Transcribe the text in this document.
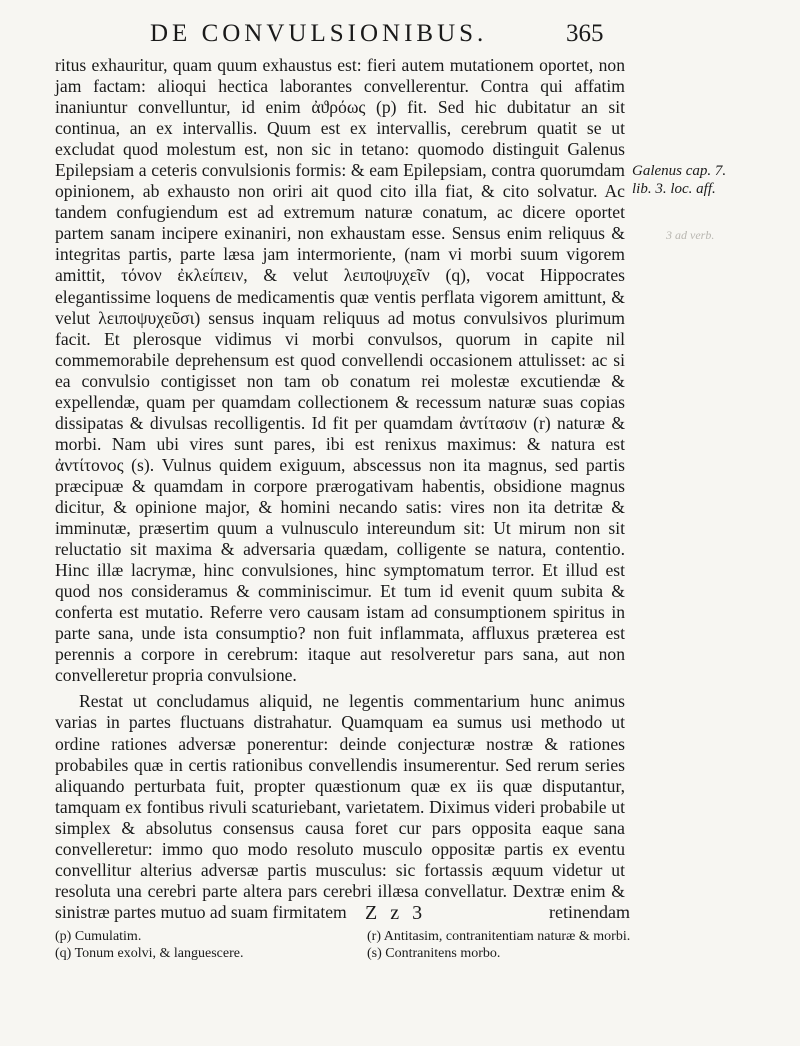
DE CONVULSIONIBUS.	365

ritus exhauritur, quam quum exhaustus est: fieri autem mutationem oportet, non jam factam: alioqui hectica laborantes convellerentur. Contra qui affatim inaniuntur convelluntur, id enim ἀϑρόως (p) fit. Sed hic dubitatur an sit continua, an ex intervallis. Quum est ex intervallis, cerebrum quatit se ut excludat quod molestum est, non sic in tetano: quomodo distinguit Galenus Epilepsiam a ceteris convulsionis formis: & eam Epilepsiam, contra quorumdam opinionem, ab exhausto non oriri ait quod cito illa fiat, & cito solvatur. Ac tandem confugiendum est ad extremum naturæ conatum, ac dicere oportet partem sanam incipere exinaniri, non exhaustam esse. Sensus enim reliquus & integritas partis, parte læsa jam intermoriente, (nam vi morbi suum vigorem amittit, τόνον ἐκλείπειν, & velut λειποψυχεῖν (q), vocat Hippocrates elegantissime loquens de medicamentis quæ ventis perflata vigorem amittunt, & velut λειποψυχεῦσι) sensus inquam reliquus ad motus convulsivos plurimum facit. Et plerosque vidimus vi morbi convulsos, quorum in capite nil commemorabile deprehensum est quod convellendi occasionem attulisset: ac si ea convulsio contigisset non tam ob conatum rei molestæ excutiendæ & expellendæ, quam per quamdam collectionem & recessum naturæ suas copias dissipatas & divulsas recolligentis. Id fit per quamdam ἀντίτασιν (r) naturæ & morbi. Nam ubi vires sunt pares, ibi est renixus maximus: & natura est ἀντίτονος (s). Vulnus quidem exiguum, abscessus non ita magnus, sed partis præcipuæ & quamdam in corpore prærogativam habentis, obsidione magnus dicitur, & opinione major, & homini necando satis: vires non ita detritæ & imminutæ, præsertim quum a vulnusculo intereundum sit: Ut mirum non sit reluctatio sit maxima & adversaria quædam, colligente se natura, contentio. Hinc illæ lacrymæ, hinc convulsiones, hinc symptomatum terror. Et illud est quod nos consideramus & comminiscimur. Et tum id evenit quum subita & conferta est mutatio. Referre vero causam istam ad consumptionem spiritus in parte sana, unde ista consumptio? non fuit inflammata, affluxus præterea est perennis a corpore in cerebrum: itaque aut resolveretur pars sana, aut non convelleretur propria convulsione.

Restat ut concludamus aliquid, ne legentis commentarium hunc animus varias in partes fluctuans distrahatur. Quamquam ea sumus usi methodo ut ordine rationes adversæ ponerentur: deinde conjecturæ nostræ & rationes probabiles quæ in certis rationibus convellendis insumerentur. Sed rerum series aliquando perturbata fuit, propter quæstionum quæ ex iis quæ disputantur, tamquam ex fontibus rivuli scaturiebant, varietatem. Diximus videri probabile ut simplex & absolutus consensus causa foret cur pars opposita eaque sana convelleretur: immo quo modo resoluto musculo oppositæ partis ex eventu convellitur alterius adversæ partis musculus: sic fortassis æquum videtur ut resoluta una cerebri parte altera pars cerebri illæsa convellatur. Dextræ enim & sinistræ partes mutuo ad suam firmitatem

Galenus cap. 7. lib. 3. loc. aff.
3 ad verb.
Z z 3	retinendam
(p) Cumulatim.
(q) Tonum exolvi, & languescere.
(r) Antitasim, contranitentiam naturæ & morbi.
(s) Contranitens morbo.
